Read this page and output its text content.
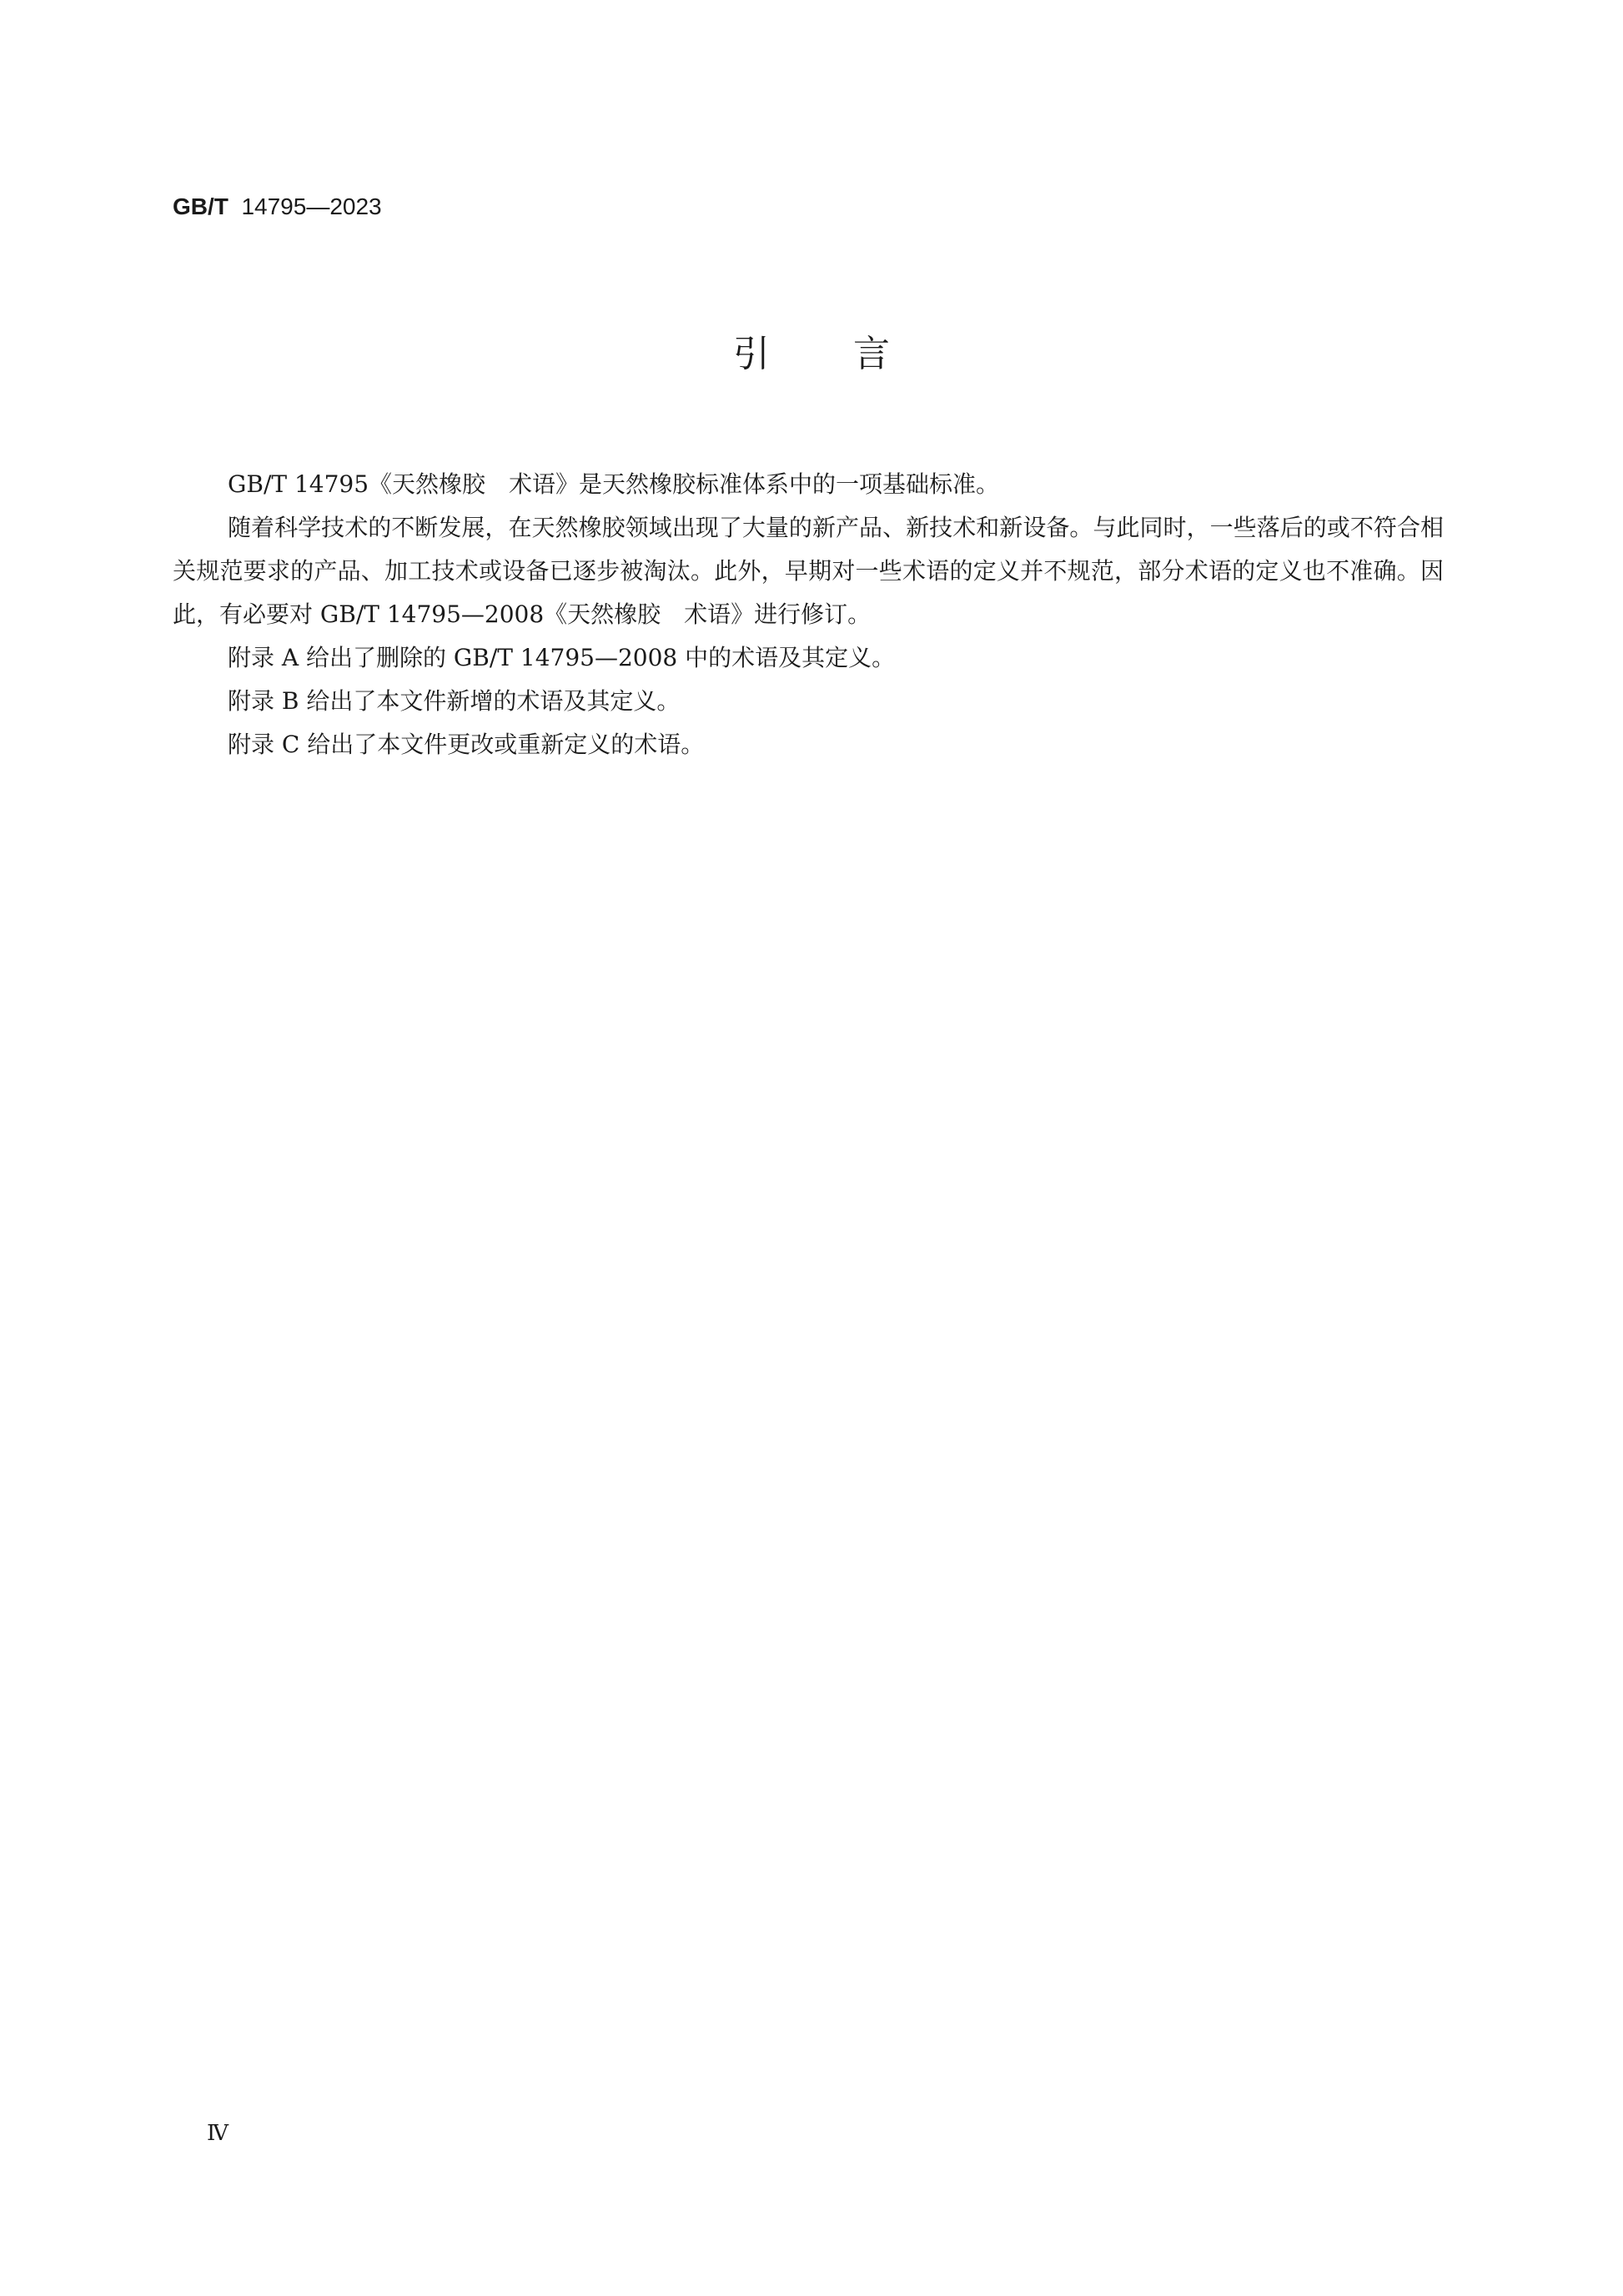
GB/T 14795—2023
引言

GB/T 14795《天然橡胶　术语》是天然橡胶标准体系中的一项基础标准。

随着科学技术的不断发展，在天然橡胶领域出现了大量的新产品、新技术和新设备。与此同时，一些落后的或不符合相关规范要求的产品、加工技术或设备已逐步被淘汰。此外，早期对一些术语的定义并不规范，部分术语的定义也不准确。因此，有必要对 GB/T 14795—2008《天然橡胶　术语》进行修订。

附录 A 给出了删除的 GB/T 14795—2008 中的术语及其定义。

附录 B 给出了本文件新增的术语及其定义。

附录 C 给出了本文件更改或重新定义的术语。

Ⅳ
